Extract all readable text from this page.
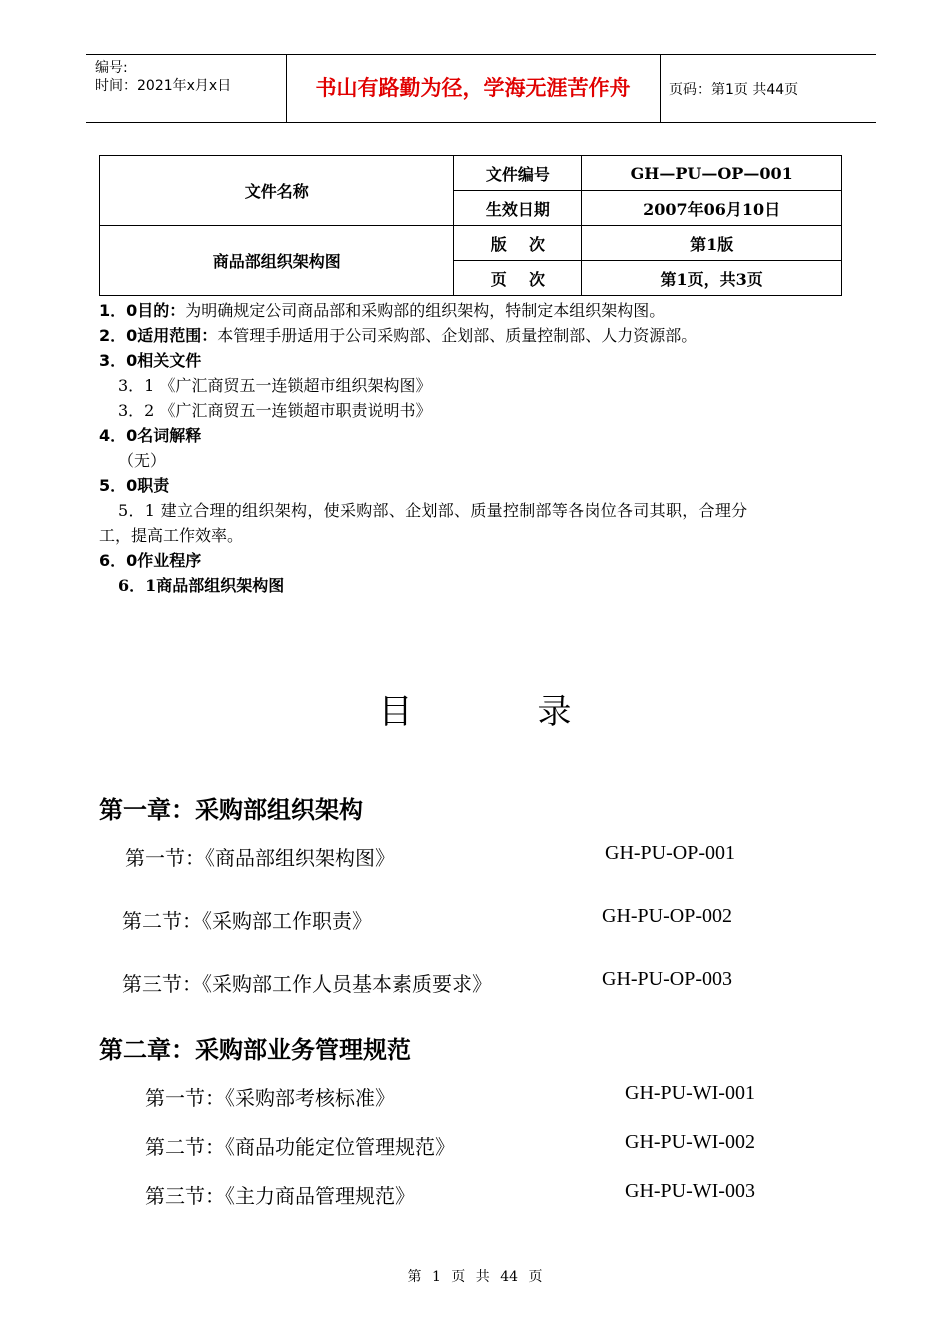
编号:
时间：2021年x月x日	书山有路勤为径，学海无涯苦作舟	页码：第1页 共44页
文件名称	文件编号	GH—PU—OP—001
	生效日期	2007年06月10日
商品部组织架构图	版    次	第1版
	页    次	第1页，共3页
1．0目的：为明确规定公司商品部和采购部的组织架构，特制定本组织架构图。
2．0适用范围：本管理手册适用于公司采购部、企划部、质量控制部、人力资源部。
3．0相关文件
3．1 《广汇商贸五一连锁超市组织架构图》
3．2 《广汇商贸五一连锁超市职责说明书》
4．0名词解释
（无）
5．0职责
5．1 建立合理的组织架构，使采购部、企划部、质量控制部等各岗位各司其职，合理分
工，提高工作效率。
6．0作业程序
6．1商品部组织架构图
目	录
第一章：采购部组织架构
第一节：《商品部组织架构图》	GH-PU-OP-001
第二节：《采购部工作职责》	GH-PU-OP-002
第三节：《采购部工作人员基本素质要求》	GH-PU-OP-003
第二章：采购部业务管理规范
第一节：《采购部考核标准》	GH-PU-WI-001
第二节：《商品功能定位管理规范》	GH-PU-WI-002
第三节：《主力商品管理规范》	GH-PU-WI-003
第 1 页 共 44 页
